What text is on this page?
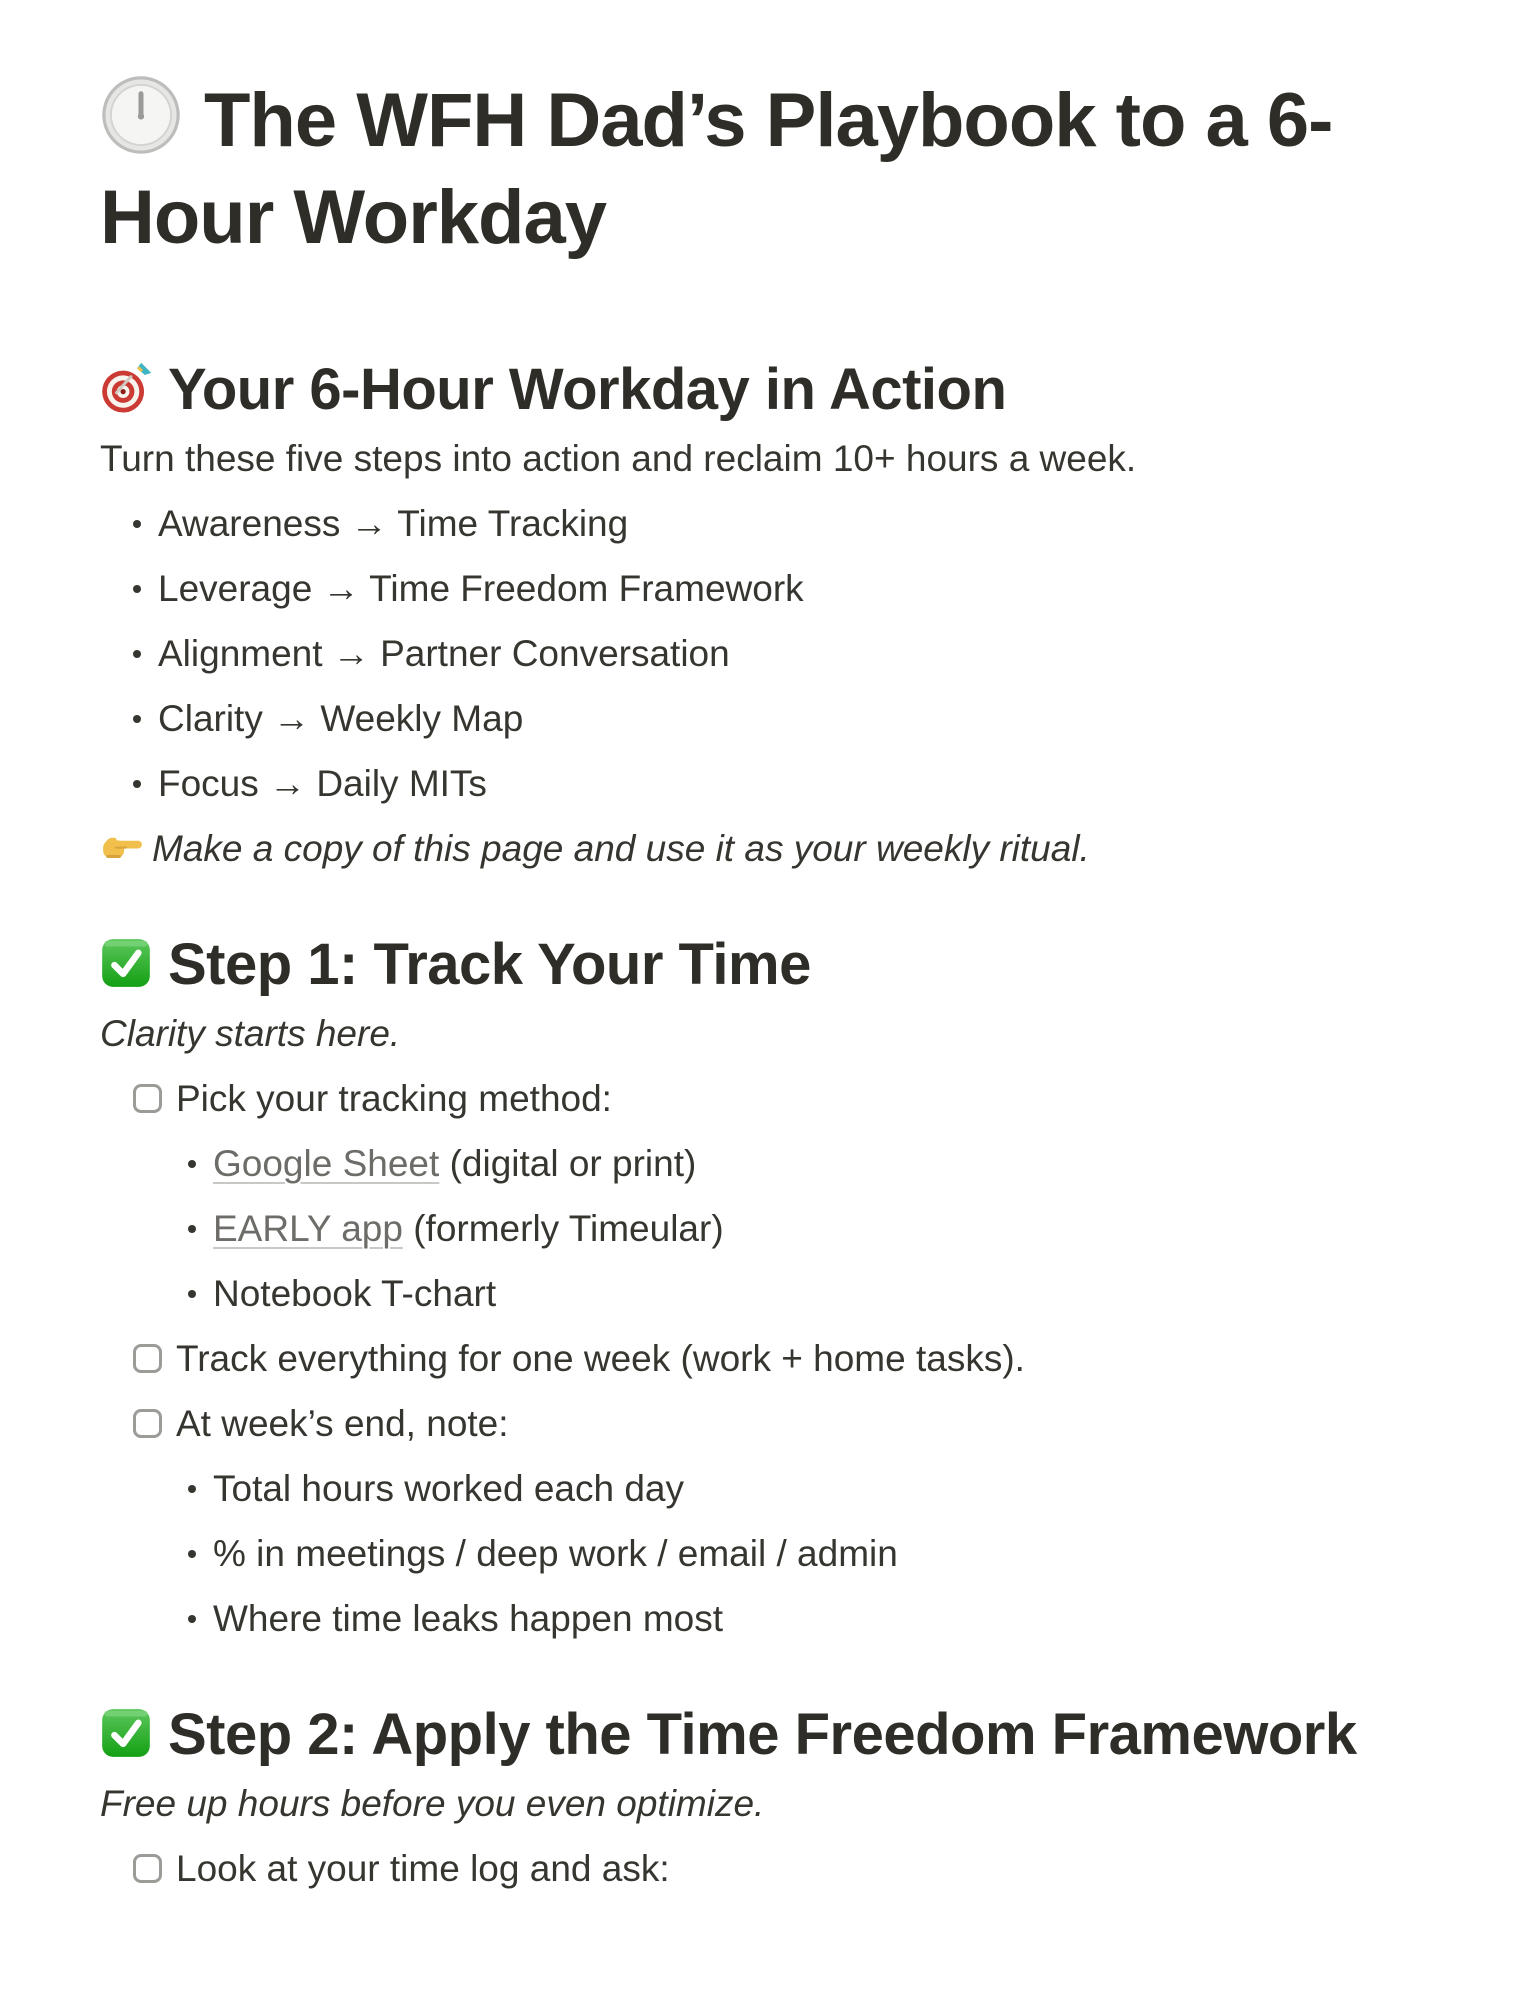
The WFH Dad’s Playbook to a 6-Hour Workday
Your 6-Hour Workday in Action

Turn these five steps into action and reclaim 10+ hours a week.

Awareness → Time Tracking
Leverage → Time Freedom Framework
Alignment → Partner Conversation
Clarity → Weekly Map
Focus → Daily MITs

Make a copy of this page and use it as your weekly ritual.

Step 1: Track Your Time

Clarity starts here.

Pick your tracking method:
Google Sheet (digital or print)
EARLY app (formerly Timeular)
Notebook T-chart
Track everything for one week (work + home tasks).
At week’s end, note:
Total hours worked each day
% in meetings / deep work / email / admin
Where time leaks happen most
Step 2: Apply the Time Freedom Framework

Free up hours before you even optimize.

Look at your time log and ask:
